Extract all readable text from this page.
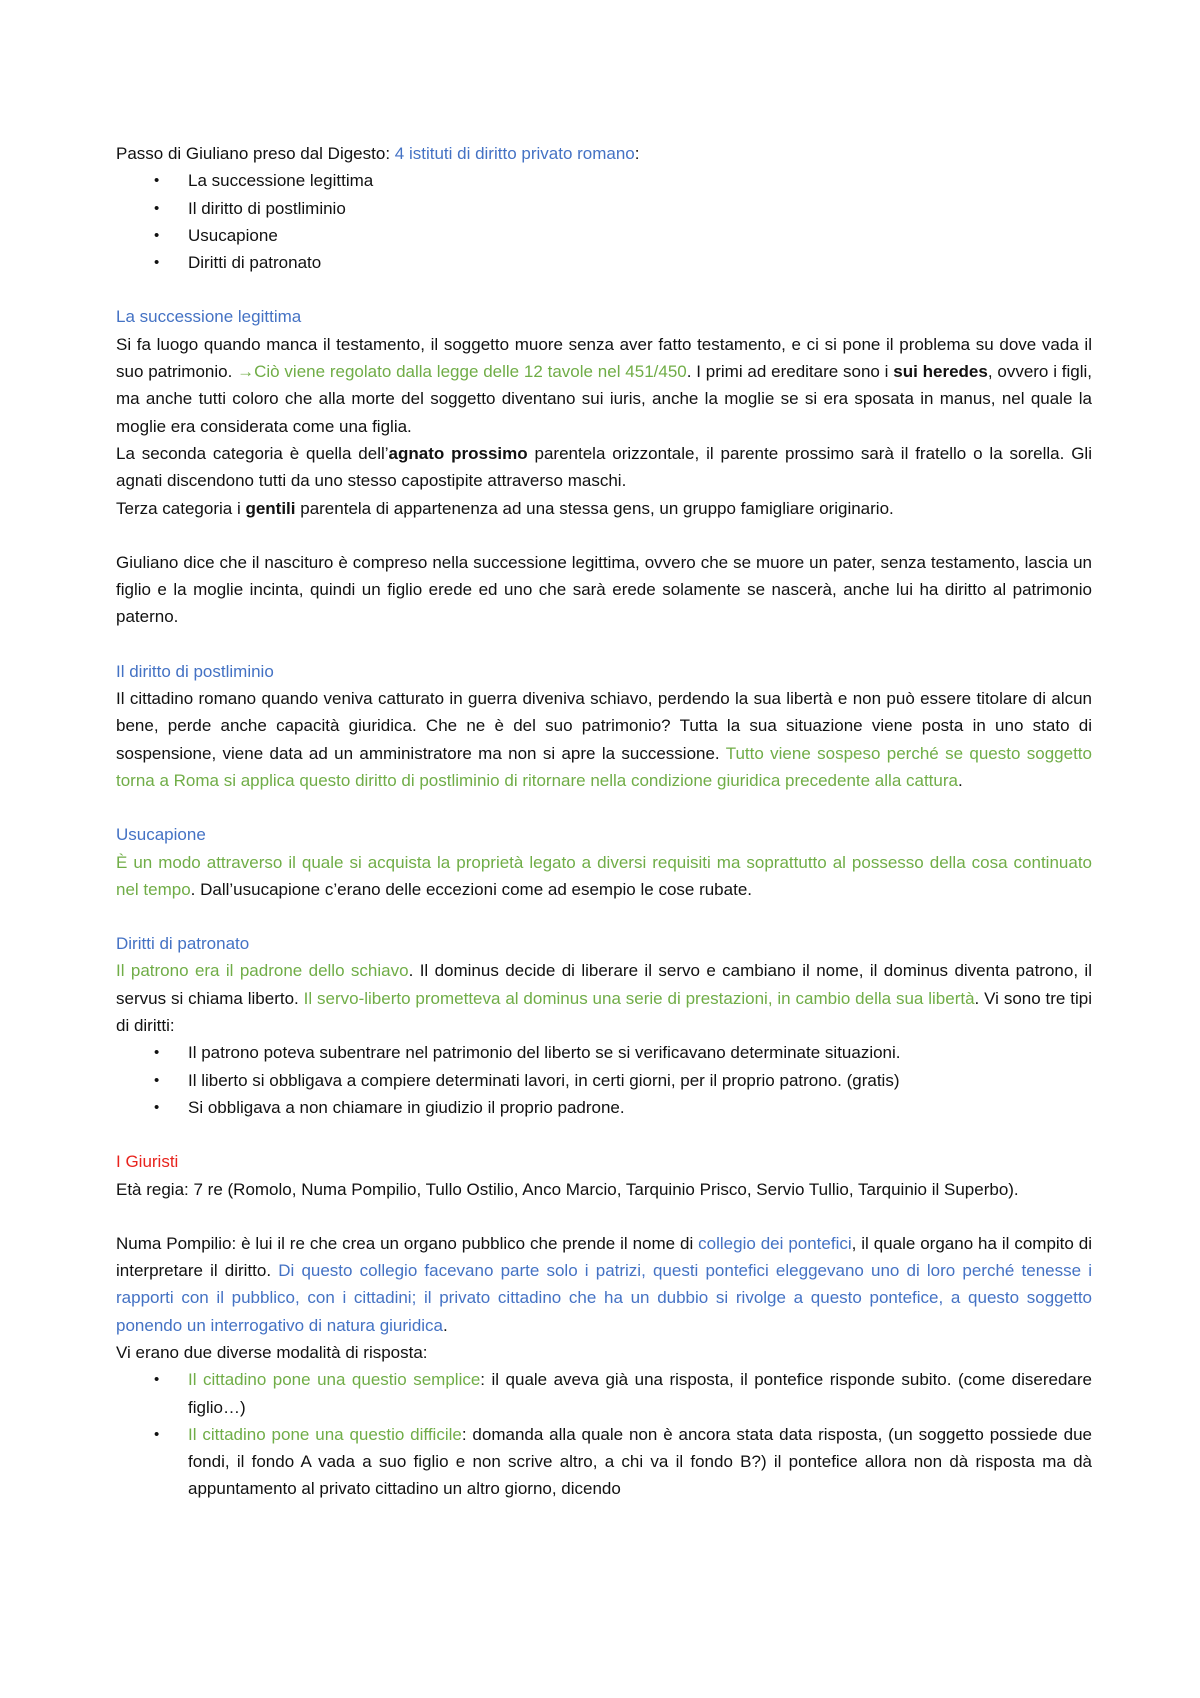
Passo di Giuliano preso dal Digesto: 4 istituti di diritto privato romano:

• La successione legittima
• Il diritto di postliminio
• Usucapione
• Diritti di patronato

La successione legittima

Si fa luogo quando manca il testamento, il soggetto muore senza aver fatto testamento, e ci si pone il problema su dove vada il suo patrimonio. →Ciò viene regolato dalla legge delle 12 tavole nel 451/450. I primi ad ereditare sono i sui heredes, ovvero i figli, ma anche tutti coloro che alla morte del soggetto diventano sui iuris, anche la moglie se si era sposata in manus, nel quale la moglie era considerata come una figlia.

La seconda categoria è quella dell’agnato prossimo parentela orizzontale, il parente prossimo sarà il fratello o la sorella. Gli agnati discendono tutti da uno stesso capostipite attraverso maschi.

Terza categoria i gentili parentela di appartenenza ad una stessa gens, un gruppo famigliare originario.

Giuliano dice che il nascituro è compreso nella successione legittima, ovvero che se muore un pater, senza testamento, lascia un figlio e la moglie incinta, quindi un figlio erede ed uno che sarà erede solamente se nascerà, anche lui ha diritto al patrimonio paterno.

Il diritto di postliminio

Il cittadino romano quando veniva catturato in guerra diveniva schiavo, perdendo la sua libertà e non può essere titolare di alcun bene, perde anche capacità giuridica. Che ne è del suo patrimonio? Tutta la sua situazione viene posta in uno stato di sospensione, viene data ad un amministratore ma non si apre la successione. Tutto viene sospeso perché se questo soggetto torna a Roma si applica questo diritto di postliminio di ritornare nella condizione giuridica precedente alla cattura.

Usucapione

È un modo attraverso il quale si acquista la proprietà legato a diversi requisiti ma soprattutto al possesso della cosa continuato nel tempo. Dall’usucapione c’erano delle eccezioni come ad esempio le cose rubate.

Diritti di patronato

Il patrono era il padrone dello schiavo. Il dominus decide di liberare il servo e cambiano il nome, il dominus diventa patrono, il servus si chiama liberto. Il servo-liberto prometteva al dominus una serie di prestazioni, in cambio della sua libertà. Vi sono tre tipi di diritti:

• Il patrono poteva subentrare nel patrimonio del liberto se si verificavano determinate situazioni.
• Il liberto si obbligava a compiere determinati lavori, in certi giorni, per il proprio patrono. (gratis)
• Si obbligava a non chiamare in giudizio il proprio padrone.

I Giuristi

Età regia: 7 re (Romolo, Numa Pompilio, Tullo Ostilio, Anco Marcio, Tarquinio Prisco, Servio Tullio, Tarquinio il Superbo).

Numa Pompilio: è lui il re che crea un organo pubblico che prende il nome di collegio dei pontefici, il quale organo ha il compito di interpretare il diritto. Di questo collegio facevano parte solo i patrizi, questi pontefici eleggevano uno di loro perché tenesse i rapporti con il pubblico, con i cittadini; il privato cittadino che ha un dubbio si rivolge a questo pontefice, a questo soggetto ponendo un interrogativo di natura giuridica.

Vi erano due diverse modalità di risposta:

• Il cittadino pone una questio semplice: il quale aveva già una risposta, il pontefice risponde subito. (come diseredare figlio…)
• Il cittadino pone una questio difficile: domanda alla quale non è ancora stata data risposta, (un soggetto possiede due fondi, il fondo A vada a suo figlio e non scrive altro, a chi va il fondo B?) il pontefice allora non dà risposta ma dà appuntamento al privato cittadino un altro giorno, dicendo
